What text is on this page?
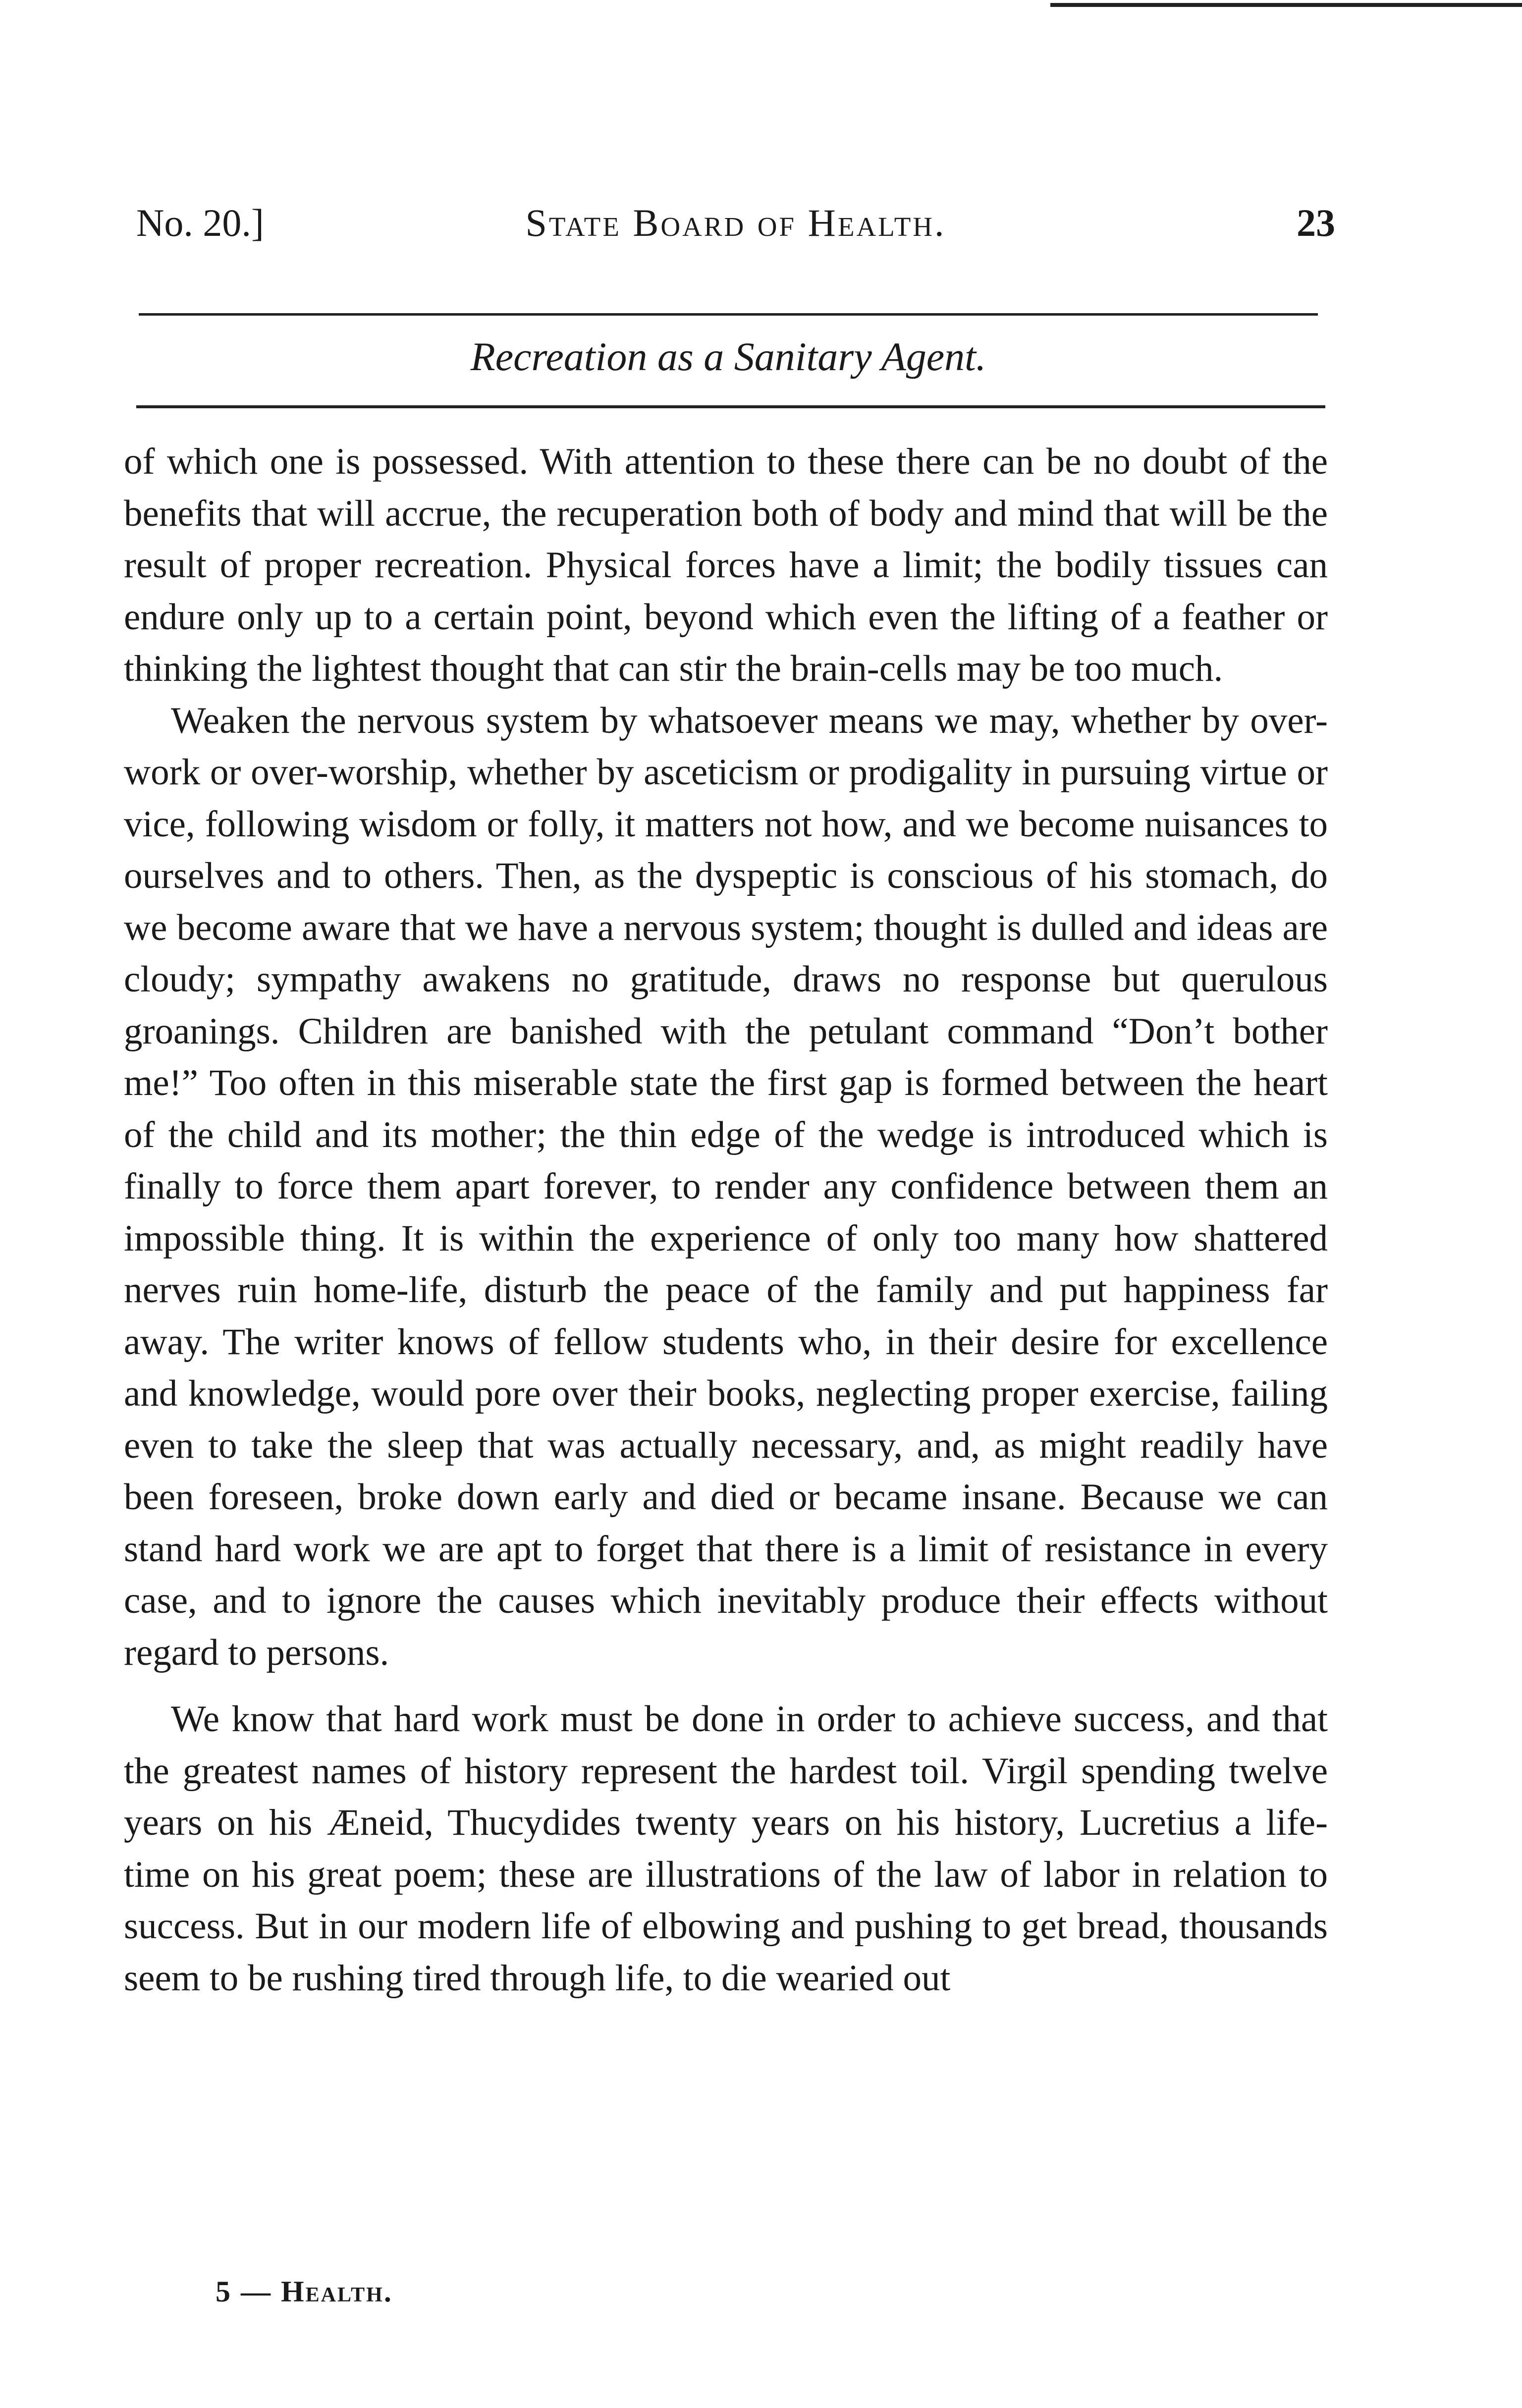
No. 20.]	State Board of Health.	23
Recreation as a Sanitary Agent.

of which one is possessed. With attention to these there can be no doubt of the benefits that will accrue, the recuperation both of body and mind that will be the result of proper recreation. Physical forces have a limit; the bodily tissues can endure only up to a certain point, beyond which even the lifting of a feather or thinking the lightest thought that can stir the brain-cells may be too much.

Weaken the nervous system by whatsoever means we may, whether by over-work or over-worship, whether by asceticism or prodigality in pursuing virtue or vice, following wisdom or folly, it matters not how, and we become nuisances to ourselves and to others. Then, as the dyspeptic is conscious of his stomach, do we become aware that we have a nervous system; thought is dulled and ideas are cloudy; sympathy awakens no gratitude, draws no response but querulous groanings. Children are banished with the petulant command “Don’t bother me!” Too often in this miserable state the first gap is formed between the heart of the child and its mother; the thin edge of the wedge is introduced which is finally to force them apart forever, to render any confidence between them an impossible thing. It is within the experience of only too many how shattered nerves ruin home-life, disturb the peace of the family and put happiness far away. The writer knows of fellow students who, in their desire for excellence and knowledge, would pore over their books, neglecting proper exercise, failing even to take the sleep that was actually necessary, and, as might readily have been foreseen, broke down early and died or became insane. Because we can stand hard work we are apt to forget that there is a limit of resistance in every case, and to ignore the causes which inevitably produce their effects without regard to persons.

We know that hard work must be done in order to achieve success, and that the greatest names of history represent the hardest toil. Virgil spending twelve years on his Æneid, Thucydides twenty years on his history, Lucretius a life-time on his great poem; these are illustrations of the law of labor in relation to success. But in our modern life of elbowing and pushing to get bread, thousands seem to be rushing tired through life, to die wearied out

5 — Health.
